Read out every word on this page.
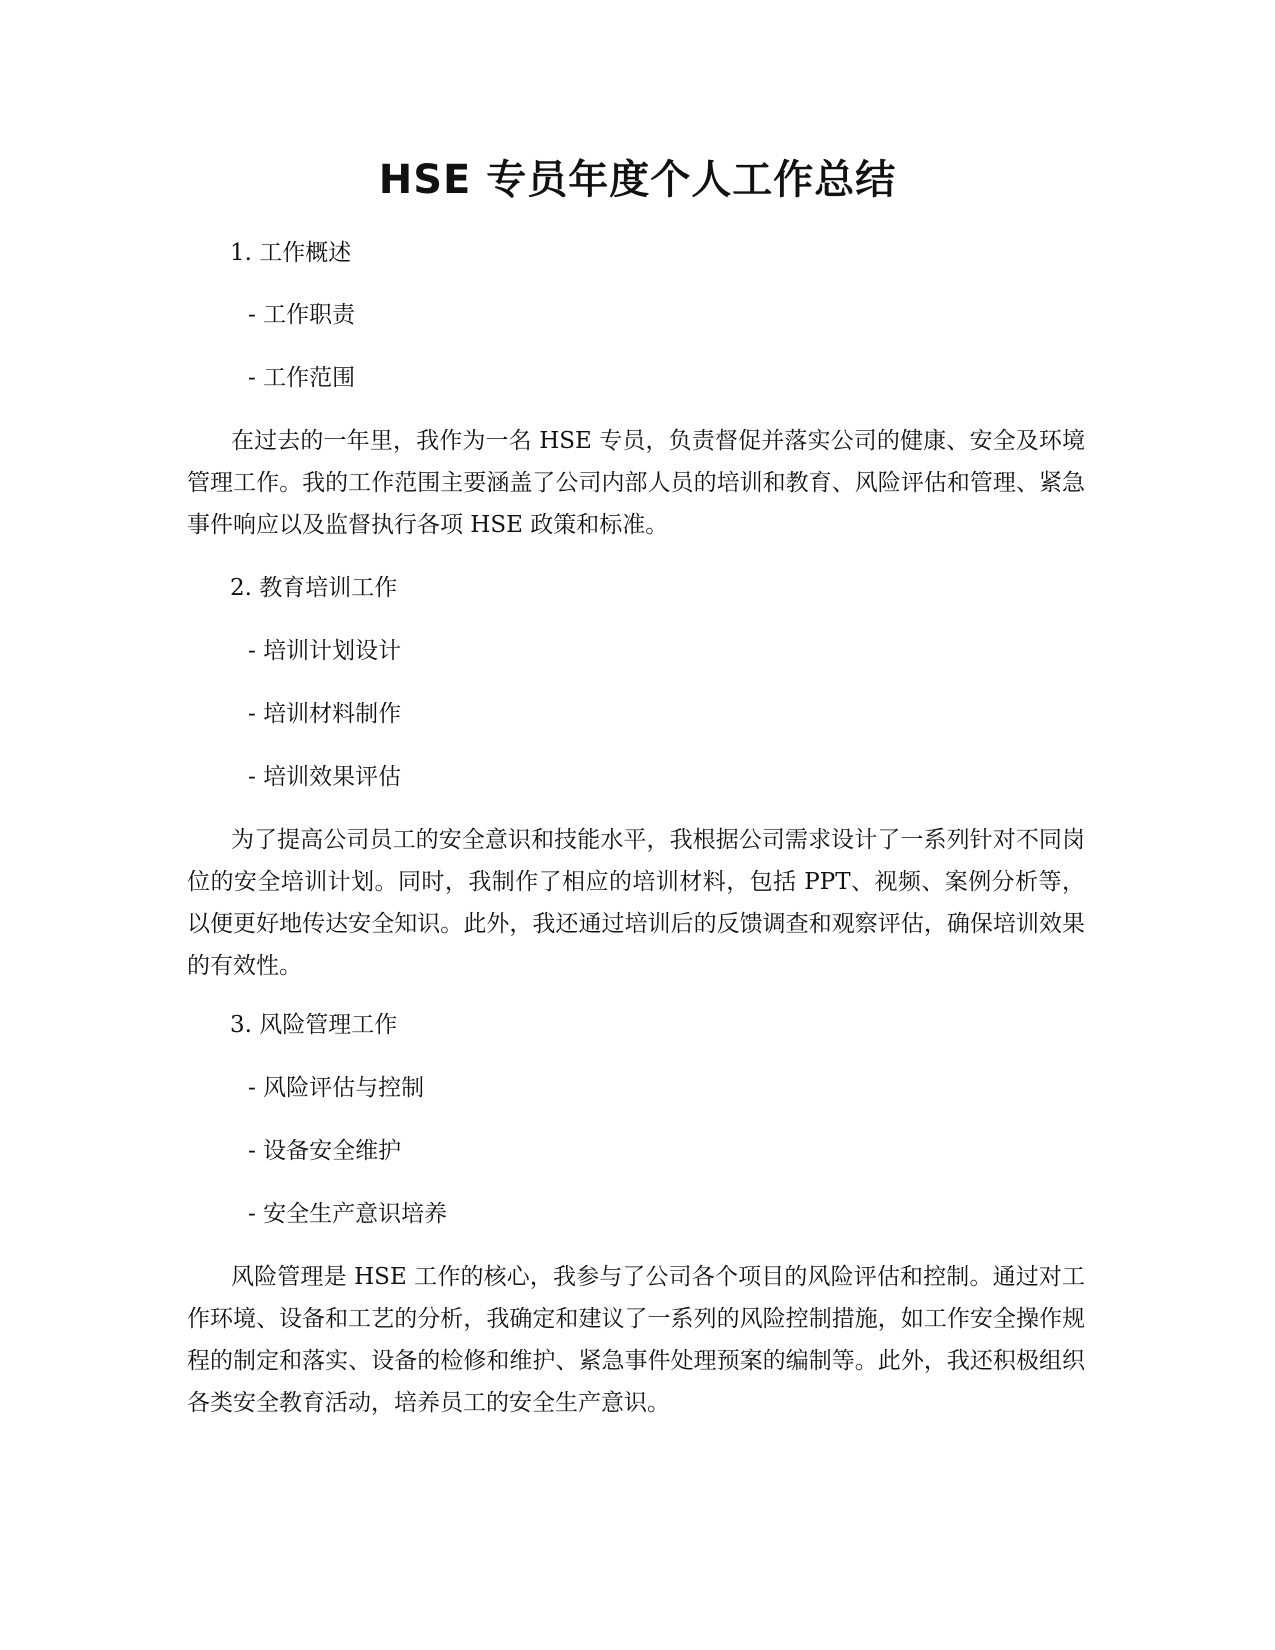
HSE 专员年度个人工作总结

1. 工作概述

- 工作职责

- 工作范围

在过去的一年里，我作为一名 HSE 专员，负责督促并落实公司的健康、安全及环境管理工作。我的工作范围主要涵盖了公司内部人员的培训和教育、风险评估和管理、紧急事件响应以及监督执行各项 HSE 政策和标准。

2. 教育培训工作

- 培训计划设计

- 培训材料制作

- 培训效果评估

为了提高公司员工的安全意识和技能水平，我根据公司需求设计了一系列针对不同岗位的安全培训计划。同时，我制作了相应的培训材料，包括 PPT、视频、案例分析等，以便更好地传达安全知识。此外，我还通过培训后的反馈调查和观察评估，确保培训效果的有效性。

3. 风险管理工作

- 风险评估与控制

- 设备安全维护

- 安全生产意识培养

风险管理是 HSE 工作的核心，我参与了公司各个项目的风险评估和控制。通过对工作环境、设备和工艺的分析，我确定和建议了一系列的风险控制措施，如工作安全操作规程的制定和落实、设备的检修和维护、紧急事件处理预案的编制等。此外，我还积极组织各类安全教育活动，培养员工的安全生产意识。
